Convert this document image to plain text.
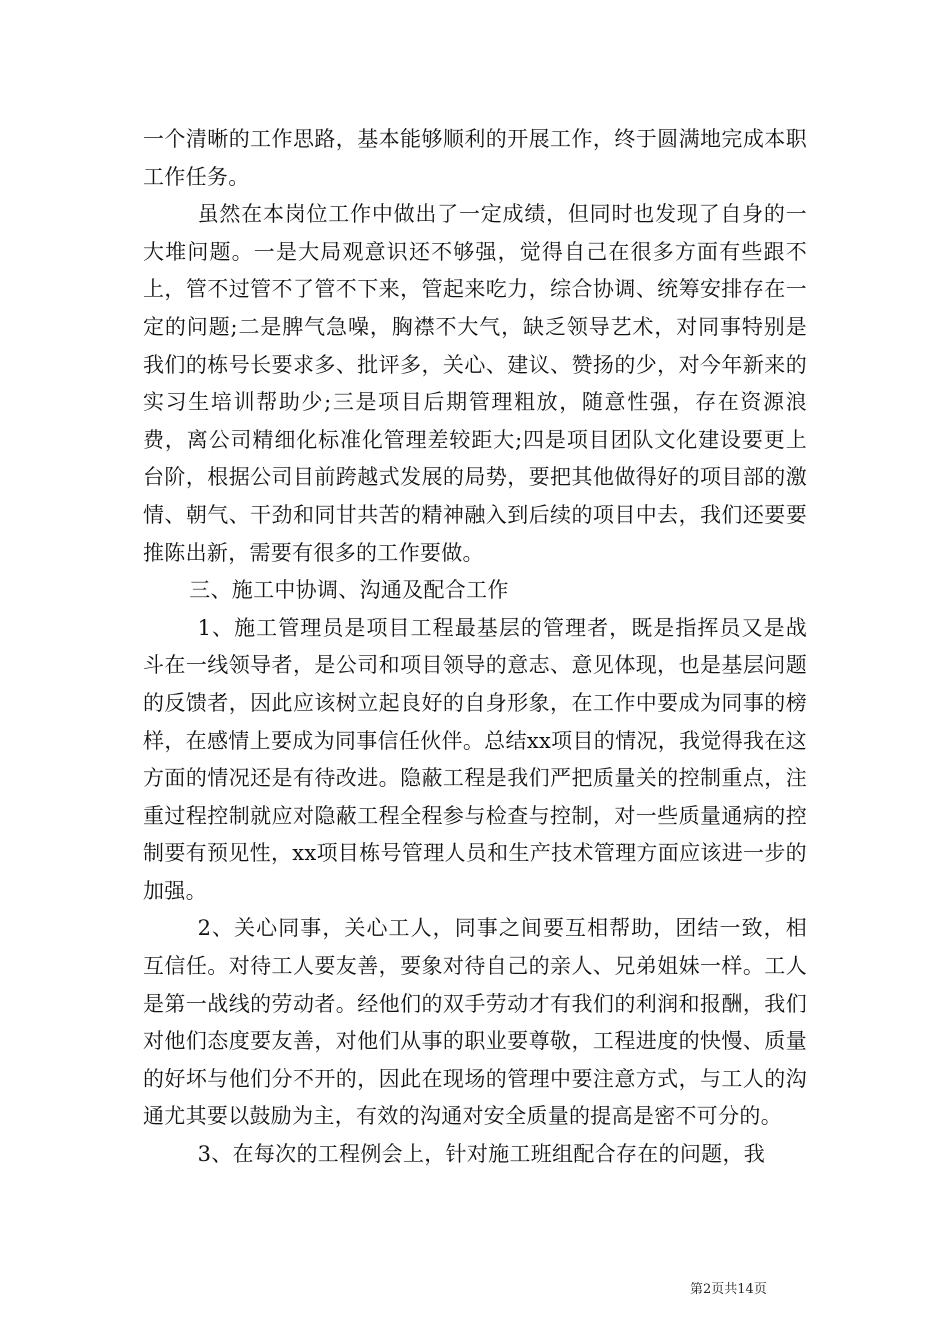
一个清晰的工作思路，基本能够顺利的开展工作，终于圆满地完成本职工作任务。

虽然在本岗位工作中做出了一定成绩，但同时也发现了自身的一大堆问题。一是大局观意识还不够强，觉得自己在很多方面有些跟不上，管不过管不了管不下来，管起来吃力，综合协调、统筹安排存在一定的问题;二是脾气急噪，胸襟不大气，缺乏领导艺术，对同事特别是我们的栋号长要求多、批评多，关心、建议、赞扬的少，对今年新来的实习生培训帮助少;三是项目后期管理粗放，随意性强，存在资源浪费，离公司精细化标准化管理差较距大;四是项目团队文化建设要更上台阶，根据公司目前跨越式发展的局势，要把其他做得好的项目部的激情、朝气、干劲和同甘共苦的精神融入到后续的项目中去，我们还要要推陈出新，需要有很多的工作要做。

三、施工中协调、沟通及配合工作

1、施工管理员是项目工程最基层的管理者，既是指挥员又是战斗在一线领导者，是公司和项目领导的意志、意见体现，也是基层问题的反馈者，因此应该树立起良好的自身形象，在工作中要成为同事的榜样，在感情上要成为同事信任伙伴。总结xx项目的情况，我觉得我在这方面的情况还是有待改进。隐蔽工程是我们严把质量关的控制重点，注重过程控制就应对隐蔽工程全程参与检查与控制，对一些质量通病的控制要有预见性，xx项目栋号管理人员和生产技术管理方面应该进一步的加强。

2、关心同事，关心工人，同事之间要互相帮助，团结一致，相互信任。对待工人要友善，要象对待自己的亲人、兄弟姐妹一样。工人是第一战线的劳动者。经他们的双手劳动才有我们的利润和报酬，我们对他们态度要友善，对他们从事的职业要尊敬，工程进度的快慢、质量的好坏与他们分不开的，因此在现场的管理中要注意方式，与工人的沟通尤其要以鼓励为主，有效的沟通对安全质量的提高是密不可分的。

3、在每次的工程例会上，针对施工班组配合存在的问题，我

第2页共14页
